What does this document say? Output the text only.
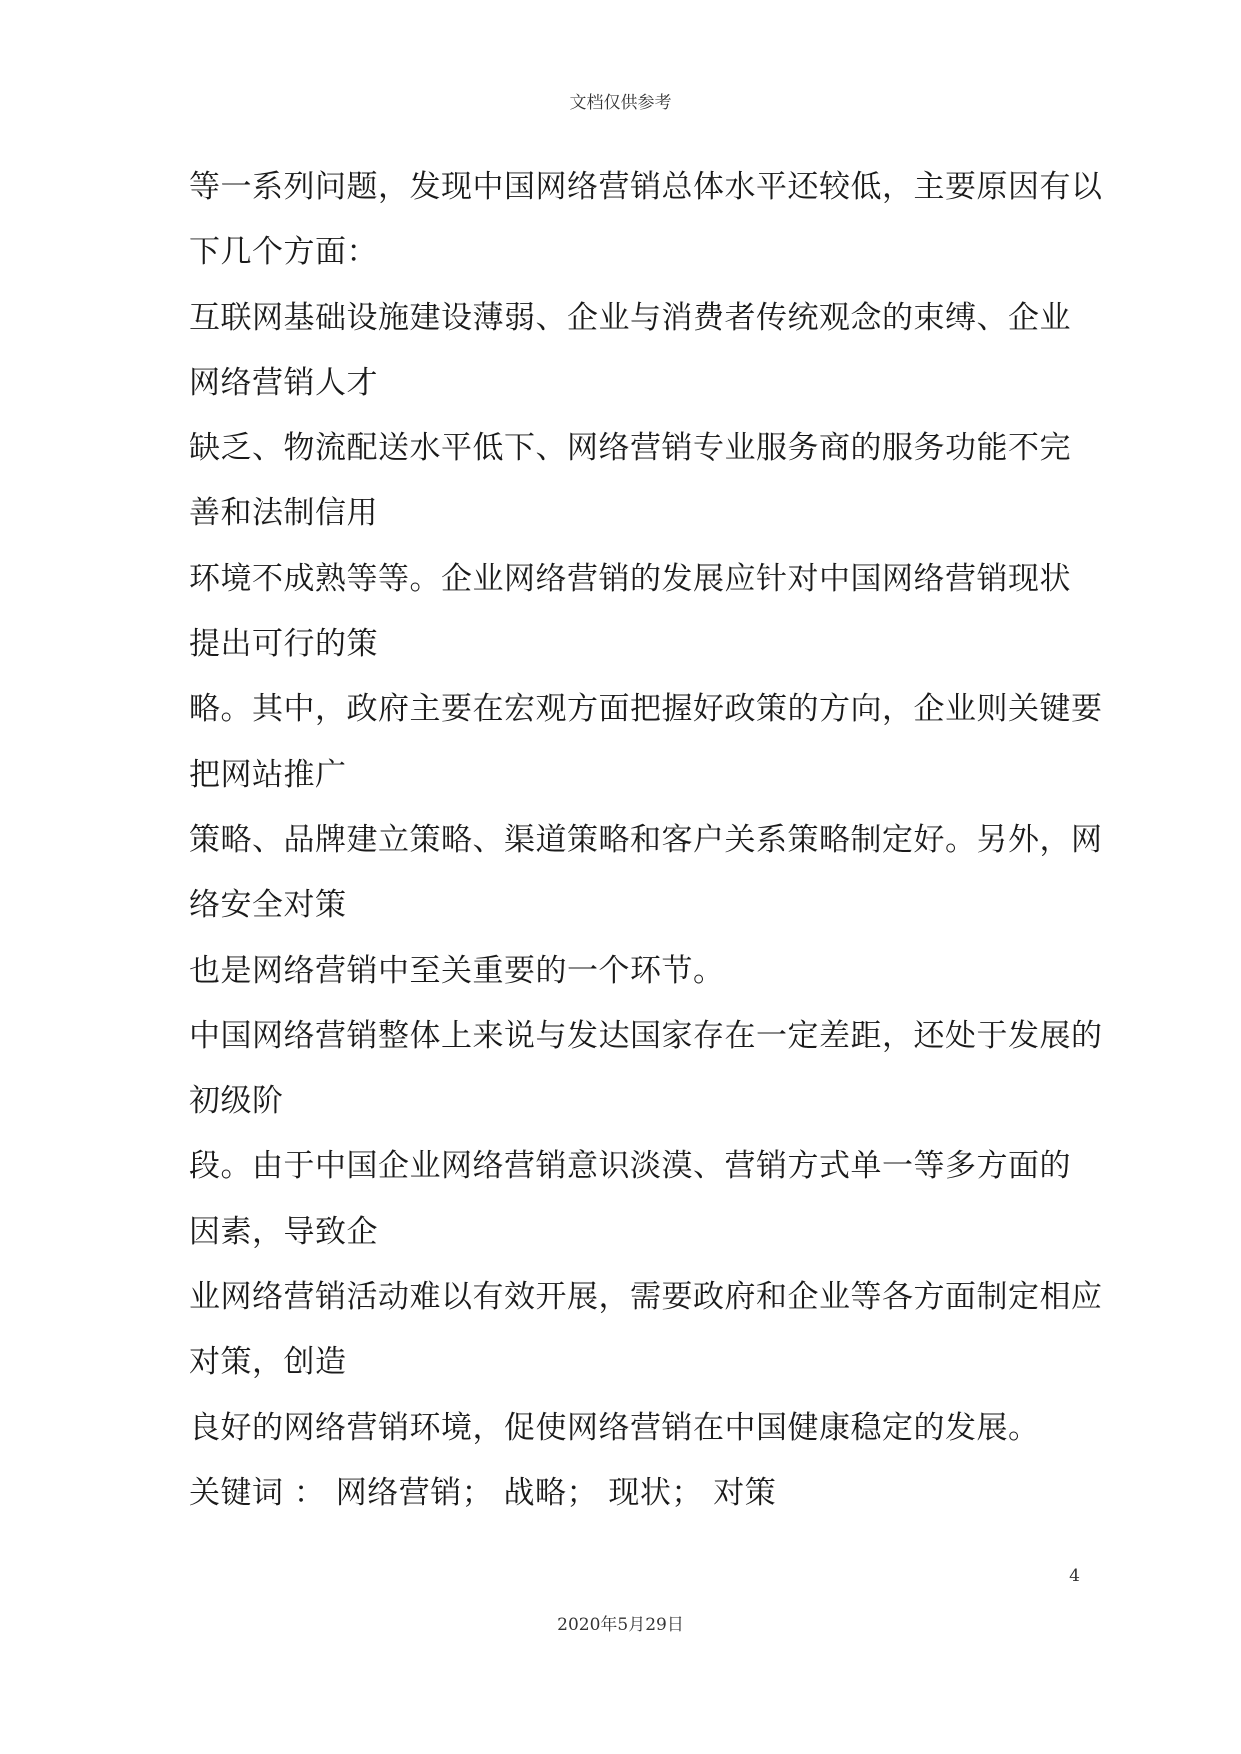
文档仅供参考
等一系列问题，发现中国网络营销总体水平还较低，主要原因有以
下几个方面：
互联网基础设施建设薄弱、企业与消费者传统观念的束缚、企业
网络营销人才
缺乏、物流配送水平低下、网络营销专业服务商的服务功能不完
善和法制信用
环境不成熟等等。企业网络营销的发展应针对中国网络营销现状
提出可行的策
略。其中，政府主要在宏观方面把握好政策的方向，企业则关键要
把网站推广
策略、品牌建立策略、渠道策略和客户关系策略制定好。另外，网
络安全对策
也是网络营销中至关重要的一个环节。
中国网络营销整体上来说与发达国家存在一定差距，还处于发展的
初级阶
段。由于中国企业网络营销意识淡漠、营销方式单一等多方面的
因素，导致企
业网络营销活动难以有效开展，需要政府和企业等各方面制定相应
对策，创造
良好的网络营销环境，促使网络营销在中国健康稳定的发展。
关键词 ： 网络营销； 战略； 现状； 对策
4
2020年5月29日
